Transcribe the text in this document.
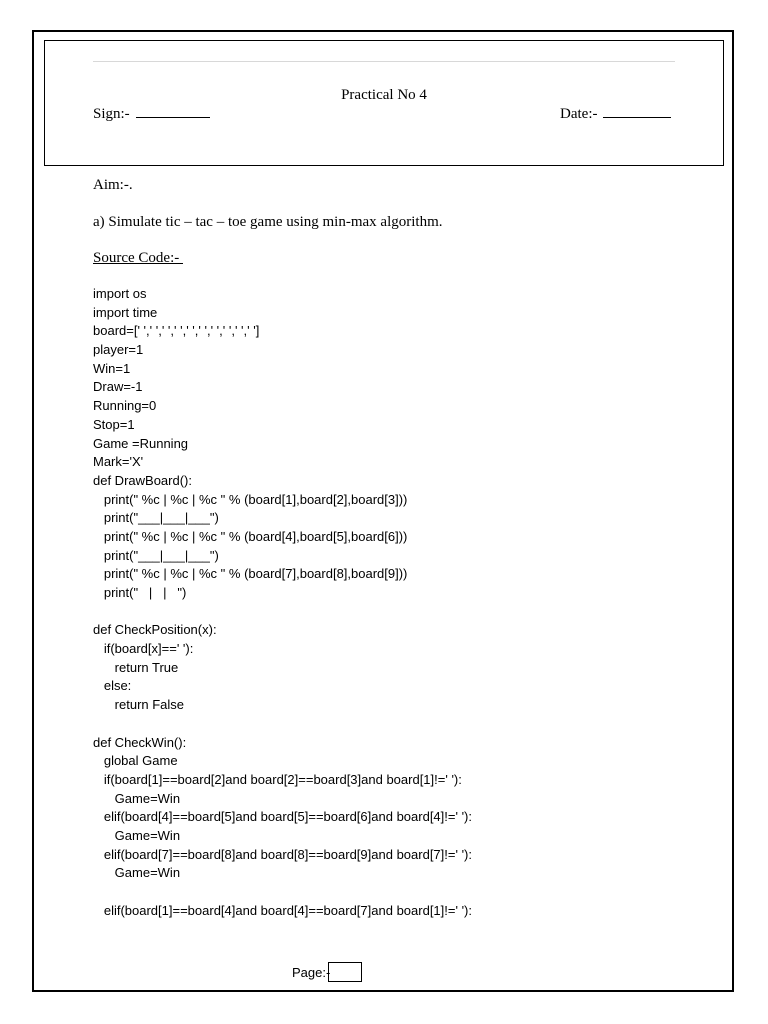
Practical No 4
Sign:-	Date:-
Aim:-.
a) Simulate tic – tac – toe game using min-max algorithm.
Source Code:-
import os
import time
board=[' ',' ',' ',' ',' ',' ',' ',' ',' ',' ']
player=1
Win=1
Draw=-1
Running=0
Stop=1
Game =Running
Mark='X'
def DrawBoard():
print(" %c | %c | %c " % (board[1],board[2],board[3]))
print("___|___|___")
print(" %c | %c | %c " % (board[4],board[5],board[6]))
print("___|___|___")
print(" %c | %c | %c " % (board[7],board[8],board[9]))
print("   |   |   ")
def CheckPosition(x):
if(board[x]==' '):
return True
else:
return False
def CheckWin():
global Game
if(board[1]==board[2]and board[2]==board[3]and board[1]!=' '):
Game=Win
elif(board[4]==board[5]and board[5]==board[6]and board[4]!=' '):
Game=Win
elif(board[7]==board[8]and board[8]==board[9]and board[7]!=' '):
Game=Win
elif(board[1]==board[4]and board[4]==board[7]and board[1]!=' '):
Page:-
